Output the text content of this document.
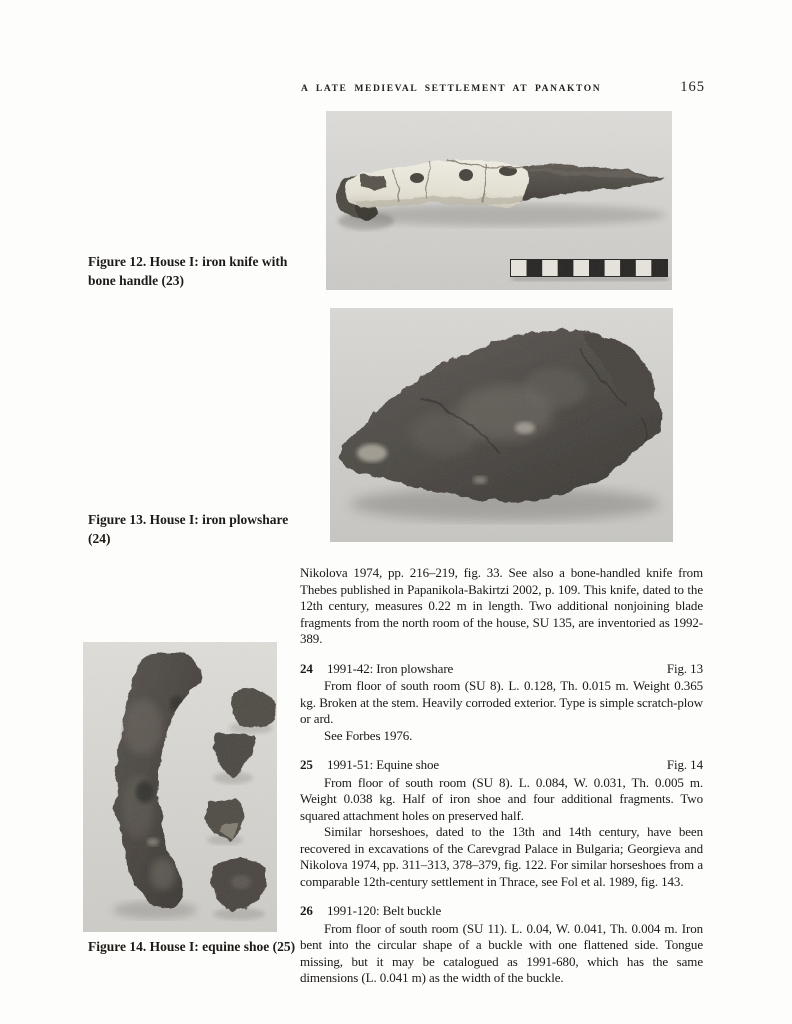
A LATE MEDIEVAL SETTLEMENT AT PANAKTON	165
Figure 12. House I: iron knife with bone handle (23)
Figure 13. House I: iron plowshare (24)
Figure 14. House I: equine shoe (25)

Nikolova 1974, pp. 216–219, fig. 33. See also a bone-handled knife from Thebes published in Papanikola-Bakirtzi 2002, p. 109. This knife, dated to the 12th century, measures 0.22 m in length. Two additional nonjoining blade fragments from the north room of the house, SU 135, are inventoried as 1992-389.

24	1991-42: Iron plowshare	Fig. 13

From floor of south room (SU 8). L. 0.128, Th. 0.015 m. Weight 0.365 kg. Broken at the stem. Heavily corroded exterior. Type is simple scratch-plow or ard.

See Forbes 1976.

25	1991-51: Equine shoe	Fig. 14

From floor of south room (SU 8). L. 0.084, W. 0.031, Th. 0.005 m. Weight 0.038 kg. Half of iron shoe and four additional fragments. Two squared attachment holes on preserved half.

Similar horseshoes, dated to the 13th and 14th century, have been recovered in excavations of the Carevgrad Palace in Bulgaria; Georgieva and Nikolova 1974, pp. 311–313, 378–379, fig. 122. For similar horseshoes from a comparable 12th-century settlement in Thrace, see Fol et al. 1989, fig. 143.

26	1991-120: Belt buckle

From floor of south room (SU 11). L. 0.04, W. 0.041, Th. 0.004 m. Iron bent into the circular shape of a buckle with one flattened side. Tongue missing, but it may be catalogued as 1991-680, which has the same dimensions (L. 0.041 m) as the width of the buckle.
